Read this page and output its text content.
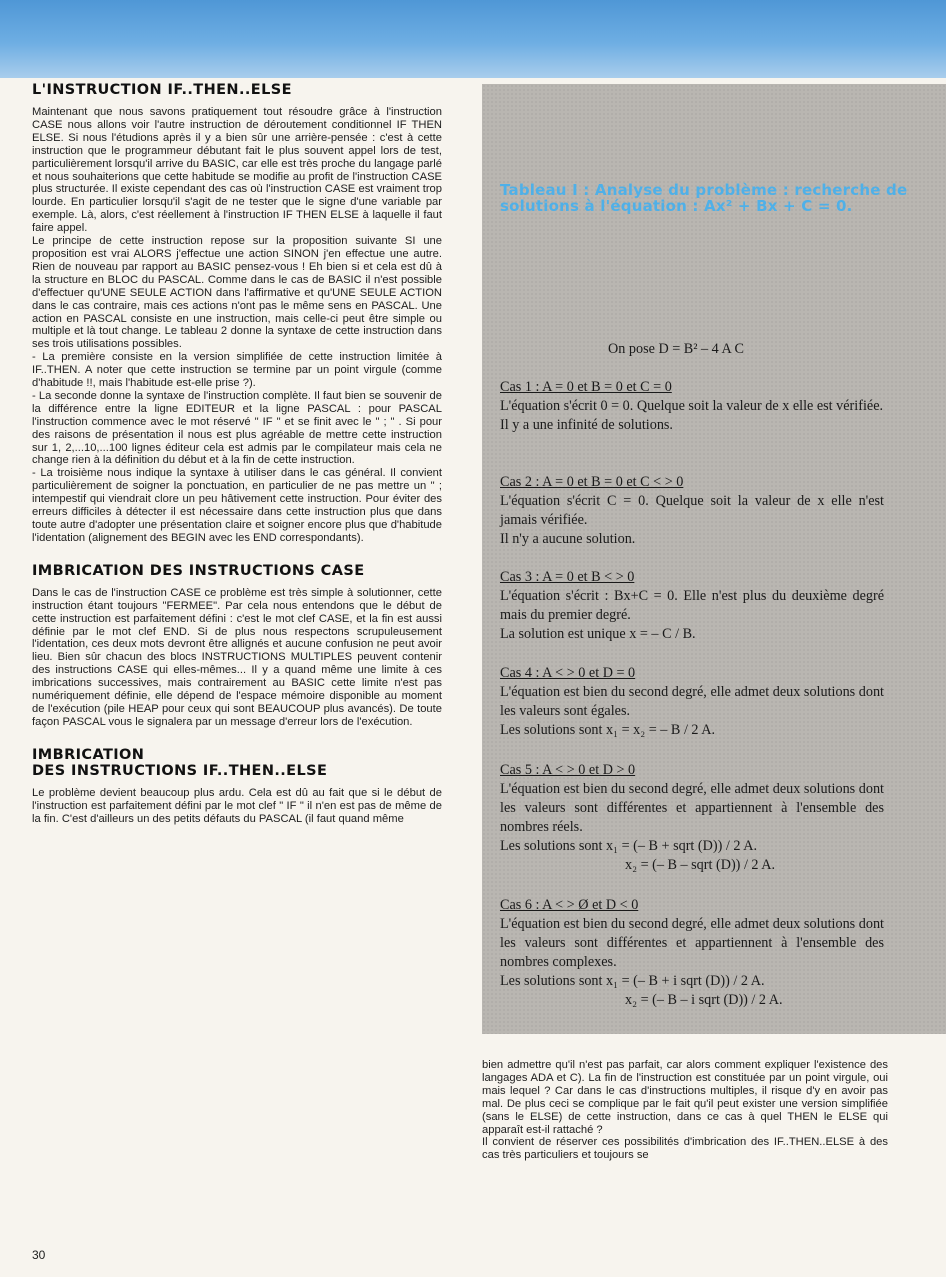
L'INSTRUCTION IF..THEN..ELSE

Maintenant que nous savons pratiquement tout résoudre grâce à l'instruction CASE nous allons voir l'autre instruction de déroutement conditionnel IF THEN ELSE. Si nous l'étudions après il y a bien sûr une arrière-pensée : c'est à cette instruction que le programmeur débutant fait le plus souvent appel lors de test, particulièrement lorsqu'il arrive du BASIC, car elle est très proche du langage parlé et nous souhaiterions que cette habitude se modifie au profit de l'instruction CASE plus structurée. Il existe cependant des cas où l'instruction CASE est vraiment trop lourde. En particulier lorsqu'il s'agit de ne tester que le signe d'une variable par exemple. Là, alors, c'est réellement à l'instruction IF THEN ELSE à laquelle il faut faire appel.

Le principe de cette instruction repose sur la proposition suivante SI une proposition est vrai ALORS j'effectue une action SINON j'en effectue une autre. Rien de nouveau par rapport au BASIC pensez-vous ! Eh bien si et cela est dû à la structure en BLOC du PASCAL. Comme dans le cas de BASIC il n'est possible d'effectuer qu'UNE SEULE ACTION dans l'affirmative et qu'UNE SEULE ACTION dans le cas contraire, mais ces actions n'ont pas le même sens en PASCAL. Une action en PASCAL consiste en une instruction, mais celle-ci peut être simple ou multiple et là tout change. Le tableau 2 donne la syntaxe de cette instruction dans ses trois utilisations possibles.

- La première consiste en la version simplifiée de cette instruction limitée à IF..THEN. A noter que cette instruction se termine par un point virgule (comme d'habitude !!, mais l'habitude est-elle prise ?).

- La seconde donne la syntaxe de l'instruction complète. Il faut bien se souvenir de la différence entre la ligne EDITEUR et la ligne PASCAL : pour PASCAL l'instruction commence avec le mot réservé " IF " et se finit avec le " ; " . Si pour des raisons de présentation il nous est plus agréable de mettre cette instruction sur 1, 2,...10,...100 lignes éditeur cela est admis par le compilateur mais cela ne change rien à la définition du début et à la fin de cette instruction.

- La troisième nous indique la syntaxe à utiliser dans le cas général. Il convient particulièrement de soigner la ponctuation, en particulier de ne pas mettre un " ; intempestif qui viendrait clore un peu hâtivement cette instruction. Pour éviter des erreurs difficiles à détecter il est nécessaire dans cette instruction plus que dans toute autre d'adopter une présentation claire et soigner encore plus que d'habitude l'identation (alignement des BEGIN avec les END correspondants).

IMBRICATION DES INSTRUCTIONS CASE

Dans le cas de l'instruction CASE ce problème est très simple à solutionner, cette instruction étant toujours "FERMEE". Par cela nous entendons que le début de cette instruction est parfaitement défini : c'est le mot clef CASE, et la fin est aussi définie par le mot clef END. Si de plus nous respectons scrupuleusement l'identation, ces deux mots devront être allignés et aucune confusion ne peut avoir lieu. Bien sûr chacun des blocs INSTRUCTIONS MULTIPLES peuvent contenir des instructions CASE qui elles-mêmes... Il y a quand même une limite à ces imbrications successives, mais contrairement au BASIC cette limite n'est pas numériquement définie, elle dépend de l'espace mémoire disponible au moment de l'exécution (pile HEAP pour ceux qui sont BEAUCOUP plus avancés). De toute façon PASCAL vous le signalera par un message d'erreur lors de l'exécution.

IMBRICATION
DES INSTRUCTIONS IF..THEN..ELSE

Le problème devient beaucoup plus ardu. Cela est dû au fait que si le début de l'instruction est parfaitement défini par le mot clef " IF " il n'en est pas de même de la fin. C'est d'ailleurs un des petits défauts du PASCAL (il faut quand même

Tableau I : Analyse du problème : recherche de solutions à l'équation : Ax² + Bx + C = 0.
On pose D = B² – 4 A C

Cas 1 : A = 0 et B = 0 et C = 0

L'équation s'écrit 0 = 0. Quelque soit la valeur de x elle est vérifiée.

Il y a une infinité de solutions.

Cas 2 : A = 0 et B = 0 et C < > 0

L'équation s'écrit C = 0. Quelque soit la valeur de x elle n'est jamais vérifiée.

Il n'y a aucune solution.

Cas 3 : A = 0 et B < > 0

L'équation s'écrit : Bx+C = 0. Elle n'est plus du deuxième degré mais du premier degré.

La solution est unique x = – C / B.

Cas 4 : A < > 0 et D = 0

L'équation est bien du second degré, elle admet deux solutions dont les valeurs sont égales.

Les solutions sont x₁ = x₂ = – B / 2 A.

Cas 5 : A < > 0 et D > 0

L'équation est bien du second degré, elle admet deux solutions dont les valeurs sont différentes et appartiennent à l'ensemble des nombres réels.

Les solutions sont x₁ = (– B + sqrt (D)) / 2 A.

x₂ = (– B – sqrt (D)) / 2 A.

Cas 6 : A < > Ø et D < 0

L'équation est bien du second degré, elle admet deux solutions dont les valeurs sont différentes et appartiennent à l'ensemble des nombres complexes.

Les solutions sont x₁ = (– B + i sqrt (D)) / 2 A.

x₂ = (– B – i sqrt (D)) / 2 A.

bien admettre qu'il n'est pas parfait, car alors comment expliquer l'existence des langages ADA et C). La fin de l'instruction est constituée par un point virgule, oui mais lequel ? Car dans le cas d'instructions multiples, il risque d'y en avoir pas mal. De plus ceci se complique par le fait qu'il peut exister une version simplifiée (sans le ELSE) de cette instruction, dans ce cas à quel THEN le ELSE qui apparaît est-il rattaché ?

Il convient de réserver ces possibilités d'imbrication des IF..THEN..ELSE à des cas très particuliers et toujours se

30
